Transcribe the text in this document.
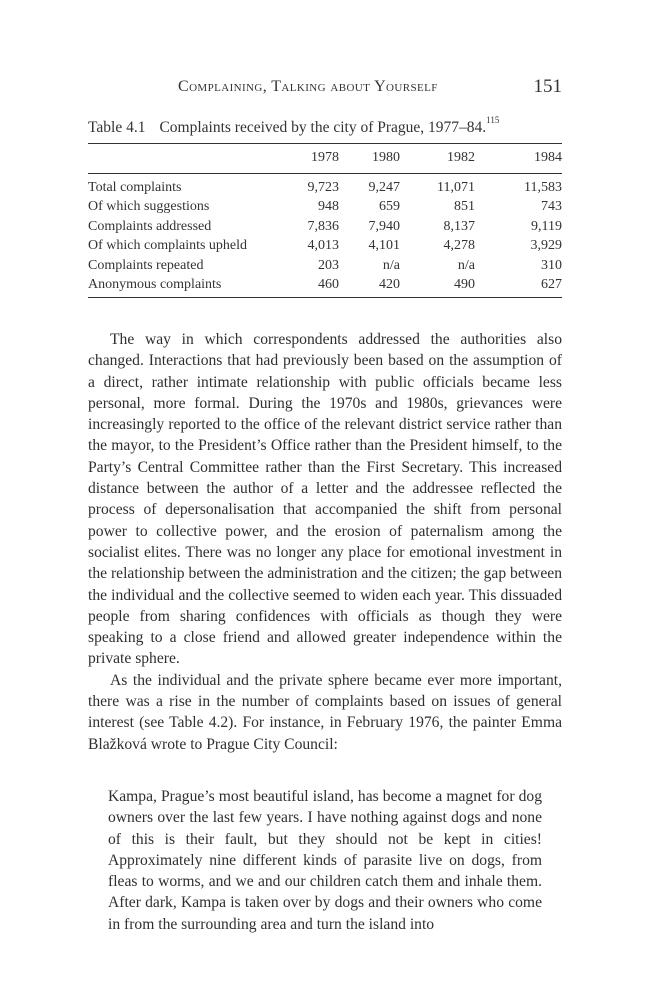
Complaining, Talking about Yourself	151
Table 4.1 Complaints received by the city of Prague, 1977–84.$^{115}$
	1978	1980	1982	1984
Total complaints	9,723	9,247	11,071	11,583
Of which suggestions	948	659	851	743
Complaints addressed	7,836	7,940	8,137	9,119
Of which complaints upheld	4,013	4,101	4,278	3,929
Complaints repeated	203	n/a	n/a	310
Anonymous complaints	460	420	490	627

The way in which correspondents addressed the authorities also changed. Interactions that had previously been based on the assumption of a direct, rather intimate relationship with public officials became less personal, more formal. During the 1970s and 1980s, grievances were increasingly reported to the office of the relevant district service rather than the mayor, to the President’s Office rather than the President himself, to the Party’s Central Committee rather than the First Secretary. This increased distance between the author of a letter and the addressee reflected the process of depersonalisation that accompanied the shift from personal power to collective power, and the erosion of paternalism among the socialist elites. There was no longer any place for emotional investment in the relationship between the administration and the citizen; the gap between the individual and the collective seemed to widen each year. This dissuaded people from sharing confidences with officials as though they were speaking to a close friend and allowed greater independence within the private sphere.

As the individual and the private sphere became ever more important, there was a rise in the number of complaints based on issues of general interest (see Table 4.2). For instance, in February 1976, the painter Emma Blažková wrote to Prague City Council:

Kampa, Prague’s most beautiful island, has become a magnet for dog owners over the last few years. I have nothing against dogs and none of this is their fault, but they should not be kept in cities! Approximately nine different kinds of parasite live on dogs, from fleas to worms, and we and our children catch them and inhale them. After dark, Kampa is taken over by dogs and their owners who come in from the surrounding area and turn the island into
